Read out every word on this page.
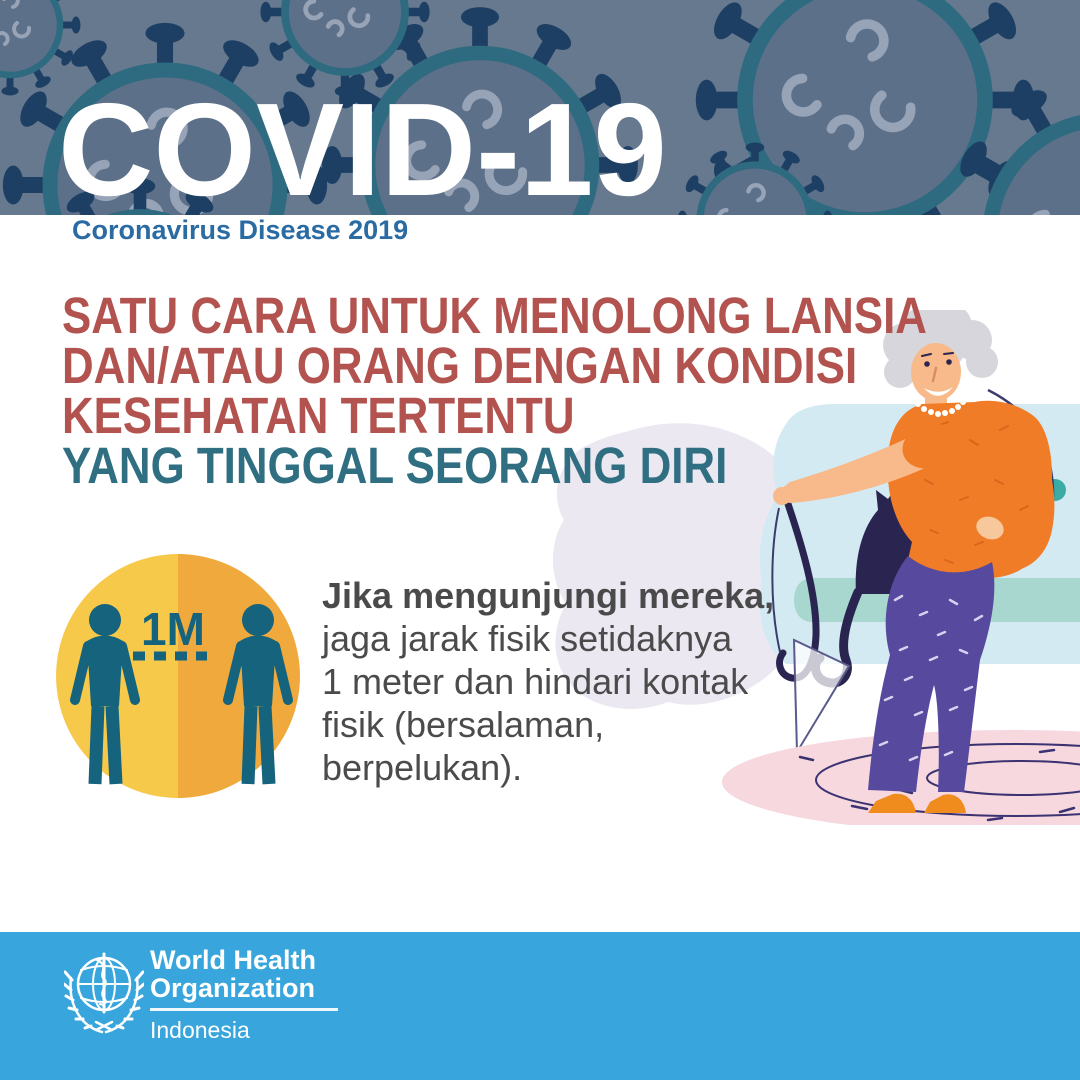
COVID-19
Coronavirus Disease 2019
SATU CARA UNTUK MENOLONG LANSIA
DAN/ATAU ORANG DENGAN KONDISI
KESEHATAN TERTENTU
YANG TINGGAL SEORANG DIRI
1M
Jika mengunjungi mereka,
jaga jarak fisik setidaknya
1 meter dan hindari kontak
fisik (bersalaman,
berpelukan).
World Health
Organization
Indonesia
